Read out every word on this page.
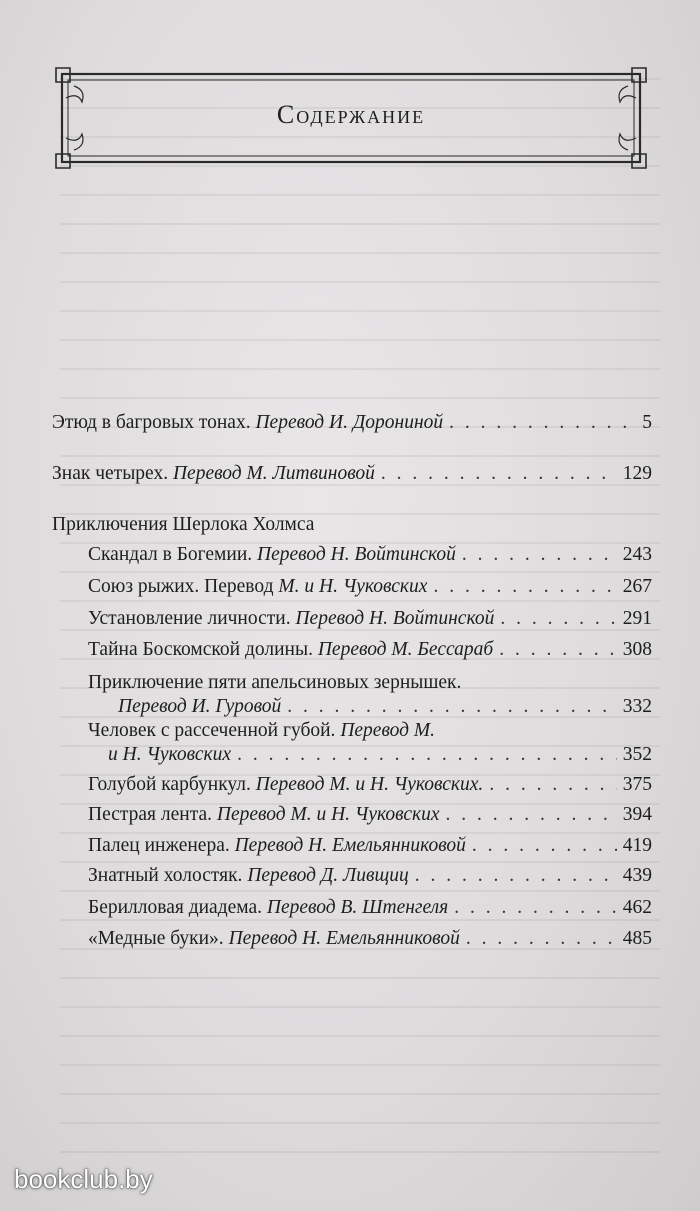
Содержание
Этюд в багровых тонах.
Перевод И. Дорониной . . .	5
Знак четырех.
Перевод М. Литвиновой . . .	129
Приключения Шерлока Холмса
Скандал в Богемии.
Перевод Н. Войтинской . . .	243
Союз рыжих. Перевод
М. и Н. Чуковских . . .	267
Установление личности.
Перевод Н. Войтинской . . .	291
Тайна Боскомской долины.
Перевод М. Бессараб . . .	308
Приключение пяти апельсиновых зернышек.
Перевод И. Гуровой . . .	332
Человек с рассеченной губой. Перевод М.
и Н. Чуковских . . .	352
Голубой карбункул.
Перевод М. и Н. Чуковских. . . .	375
Пестрая лента.
Перевод М. и Н. Чуковских . . .	394
Палец инженера.
Перевод Н. Емельянниковой . . .	419
Знатный холостяк.
Перевод Д. Ливщиц . . .	439
Берилловая диадема.
Перевод В. Штенгеля . . .	462
«Медные буки».
Перевод Н. Емельянниковой . . .	485
bookclub.by
